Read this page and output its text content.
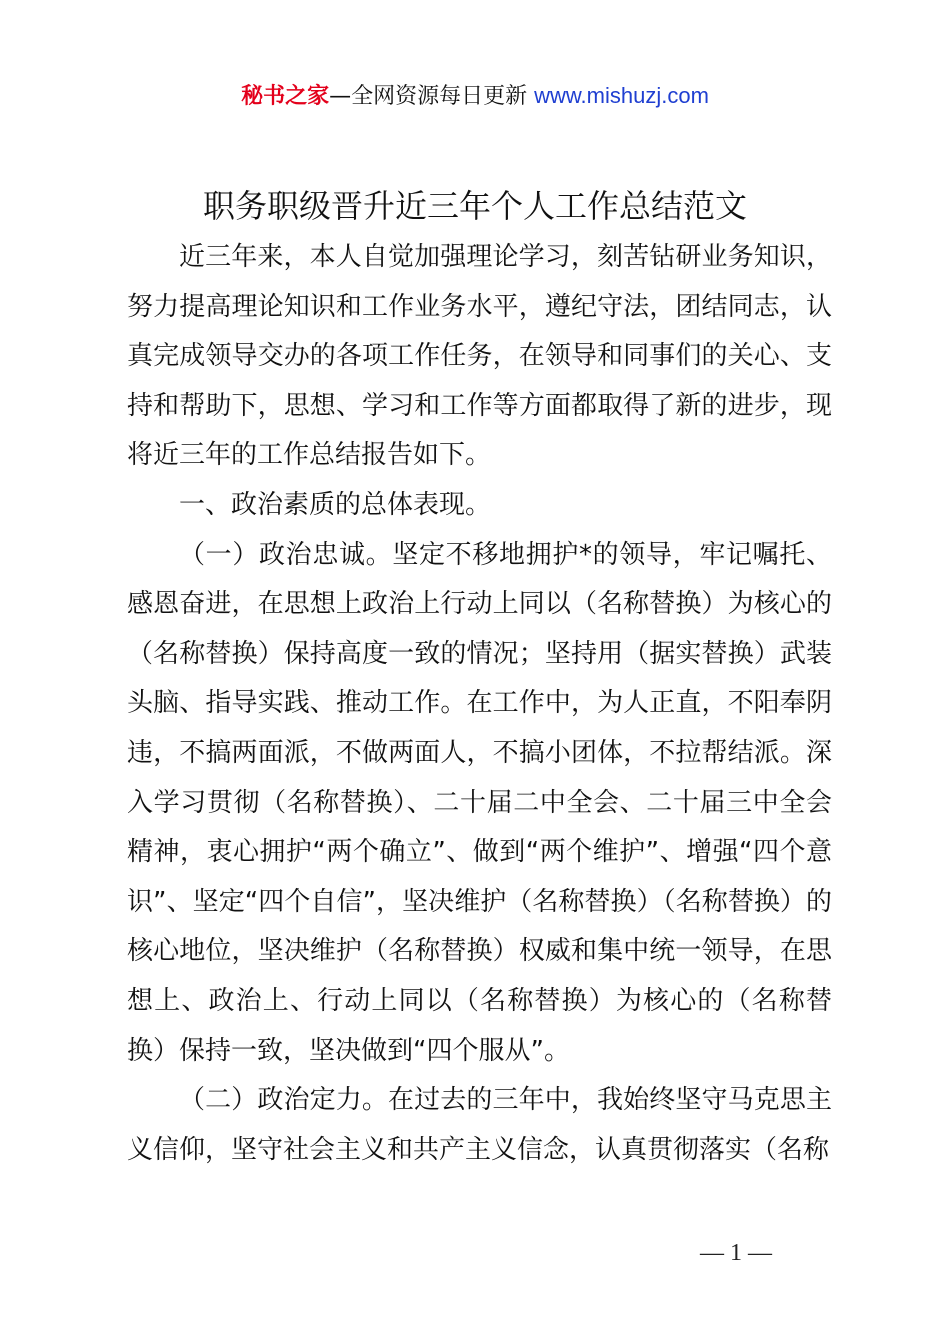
秘书之家—全网资源每日更新 www.mishuzj.com
职务职级晋升近三年个人工作总结范文

近三年来，本人自觉加强理论学习，刻苦钻研业务知识，努力提高理论知识和工作业务水平，遵纪守法，团结同志，认真完成领导交办的各项工作任务，在领导和同事们的关心、支持和帮助下，思想、学习和工作等方面都取得了新的进步，现将近三年的工作总结报告如下。

一、政治素质的总体表现。

（一）政治忠诚。坚定不移地拥护*的领导，牢记嘱托、感恩奋进，在思想上政治上行动上同以（名称替换）为核心的（名称替换）保持高度一致的情况；坚持用（据实替换）武装头脑、指导实践、推动工作。在工作中，为人正直，不阳奉阴违，不搞两面派，不做两面人，不搞小团体，不拉帮结派。深入学习贯彻（名称替换）、二十届二中全会、二十届三中全会精神，衷心拥护“两个确立”、做到“两个维护”、增强“四个意识”、坚定“四个自信”，坚决维护（名称替换）（名称替换）的核心地位，坚决维护（名称替换）权威和集中统一领导，在思想上、政治上、行动上同以（名称替换）为核心的（名称替换）保持一致，坚决做到“四个服从”。

（二）政治定力。在过去的三年中，我始终坚守马克思主义信仰，坚守社会主义和共产主义信念，认真贯彻落实（名称

— 1 —
